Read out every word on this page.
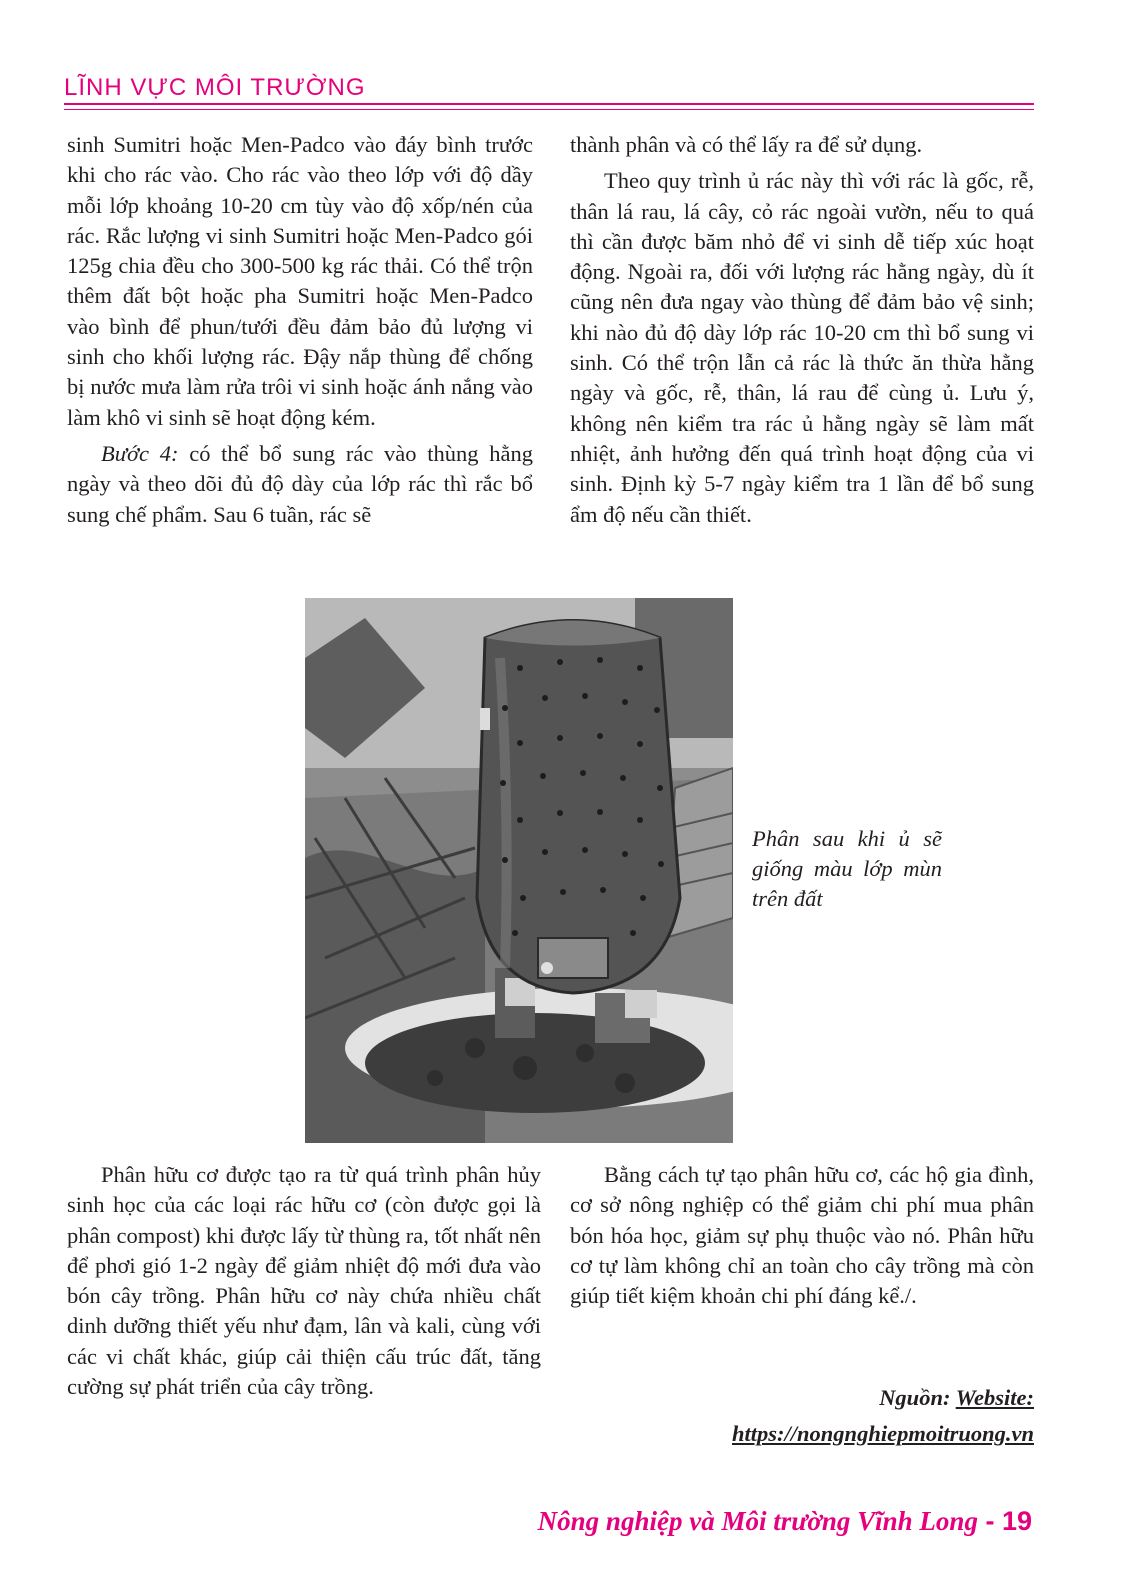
LĨNH VỰC MÔI TRƯỜNG

sinh Sumitri hoặc Men-Padco vào đáy bình trước khi cho rác vào. Cho rác vào theo lớp với độ dầy mỗi lớp khoảng 10-20 cm tùy vào độ xốp/nén của rác. Rắc lượng vi sinh Sumitri hoặc Men-Padco gói 125g chia đều cho 300-500 kg rác thải. Có thể trộn thêm đất bột hoặc pha Sumitri hoặc Men-Padco vào bình để phun/tưới đều đảm bảo đủ lượng vi sinh cho khối lượng rác. Đậy nắp thùng để chống bị nước mưa làm rửa trôi vi sinh hoặc ánh nắng vào làm khô vi sinh sẽ hoạt động kém.

Bước 4: có thể bổ sung rác vào thùng hằng ngày và theo dõi đủ độ dày của lớp rác thì rắc bổ sung chế phẩm. Sau 6 tuần, rác sẽ

thành phân và có thể lấy ra để sử dụng.

Theo quy trình ủ rác này thì với rác là gốc, rễ, thân lá rau, lá cây, cỏ rác ngoài vườn, nếu to quá thì cần được băm nhỏ để vi sinh dễ tiếp xúc hoạt động. Ngoài ra, đối với lượng rác hằng ngày, dù ít cũng nên đưa ngay vào thùng để đảm bảo vệ sinh; khi nào đủ độ dày lớp rác 10-20 cm thì bổ sung vi sinh. Có thể trộn lẫn cả rác là thức ăn thừa hằng ngày và gốc, rễ, thân, lá rau để cùng ủ. Lưu ý, không nên kiểm tra rác ủ hằng ngày sẽ làm mất nhiệt, ảnh hưởng đến quá trình hoạt động của vi sinh. Định kỳ 5-7 ngày kiểm tra 1 lần để bổ sung ẩm độ nếu cần thiết.

Phân sau khi ủ sẽ giống màu lớp mùn trên đất

Phân hữu cơ được tạo ra từ quá trình phân hủy sinh học của các loại rác hữu cơ (còn được gọi là phân compost) khi được lấy từ thùng ra, tốt nhất nên để phơi gió 1-2 ngày để giảm nhiệt độ mới đưa vào bón cây trồng. Phân hữu cơ này chứa nhiều chất dinh dưỡng thiết yếu như đạm, lân và kali, cùng với các vi chất khác, giúp cải thiện cấu trúc đất, tăng cường sự phát triển của cây trồng.

Bằng cách tự tạo phân hữu cơ, các hộ gia đình, cơ sở nông nghiệp có thể giảm chi phí mua phân bón hóa học, giảm sự phụ thuộc vào nó. Phân hữu cơ tự làm không chỉ an toàn cho cây trồng mà còn giúp tiết kiệm khoản chi phí đáng kể./.

Nguồn: Website:
https://nongnghiepmoitruong.vn
Nông nghiệp và Môi trường Vĩnh Long - 19
